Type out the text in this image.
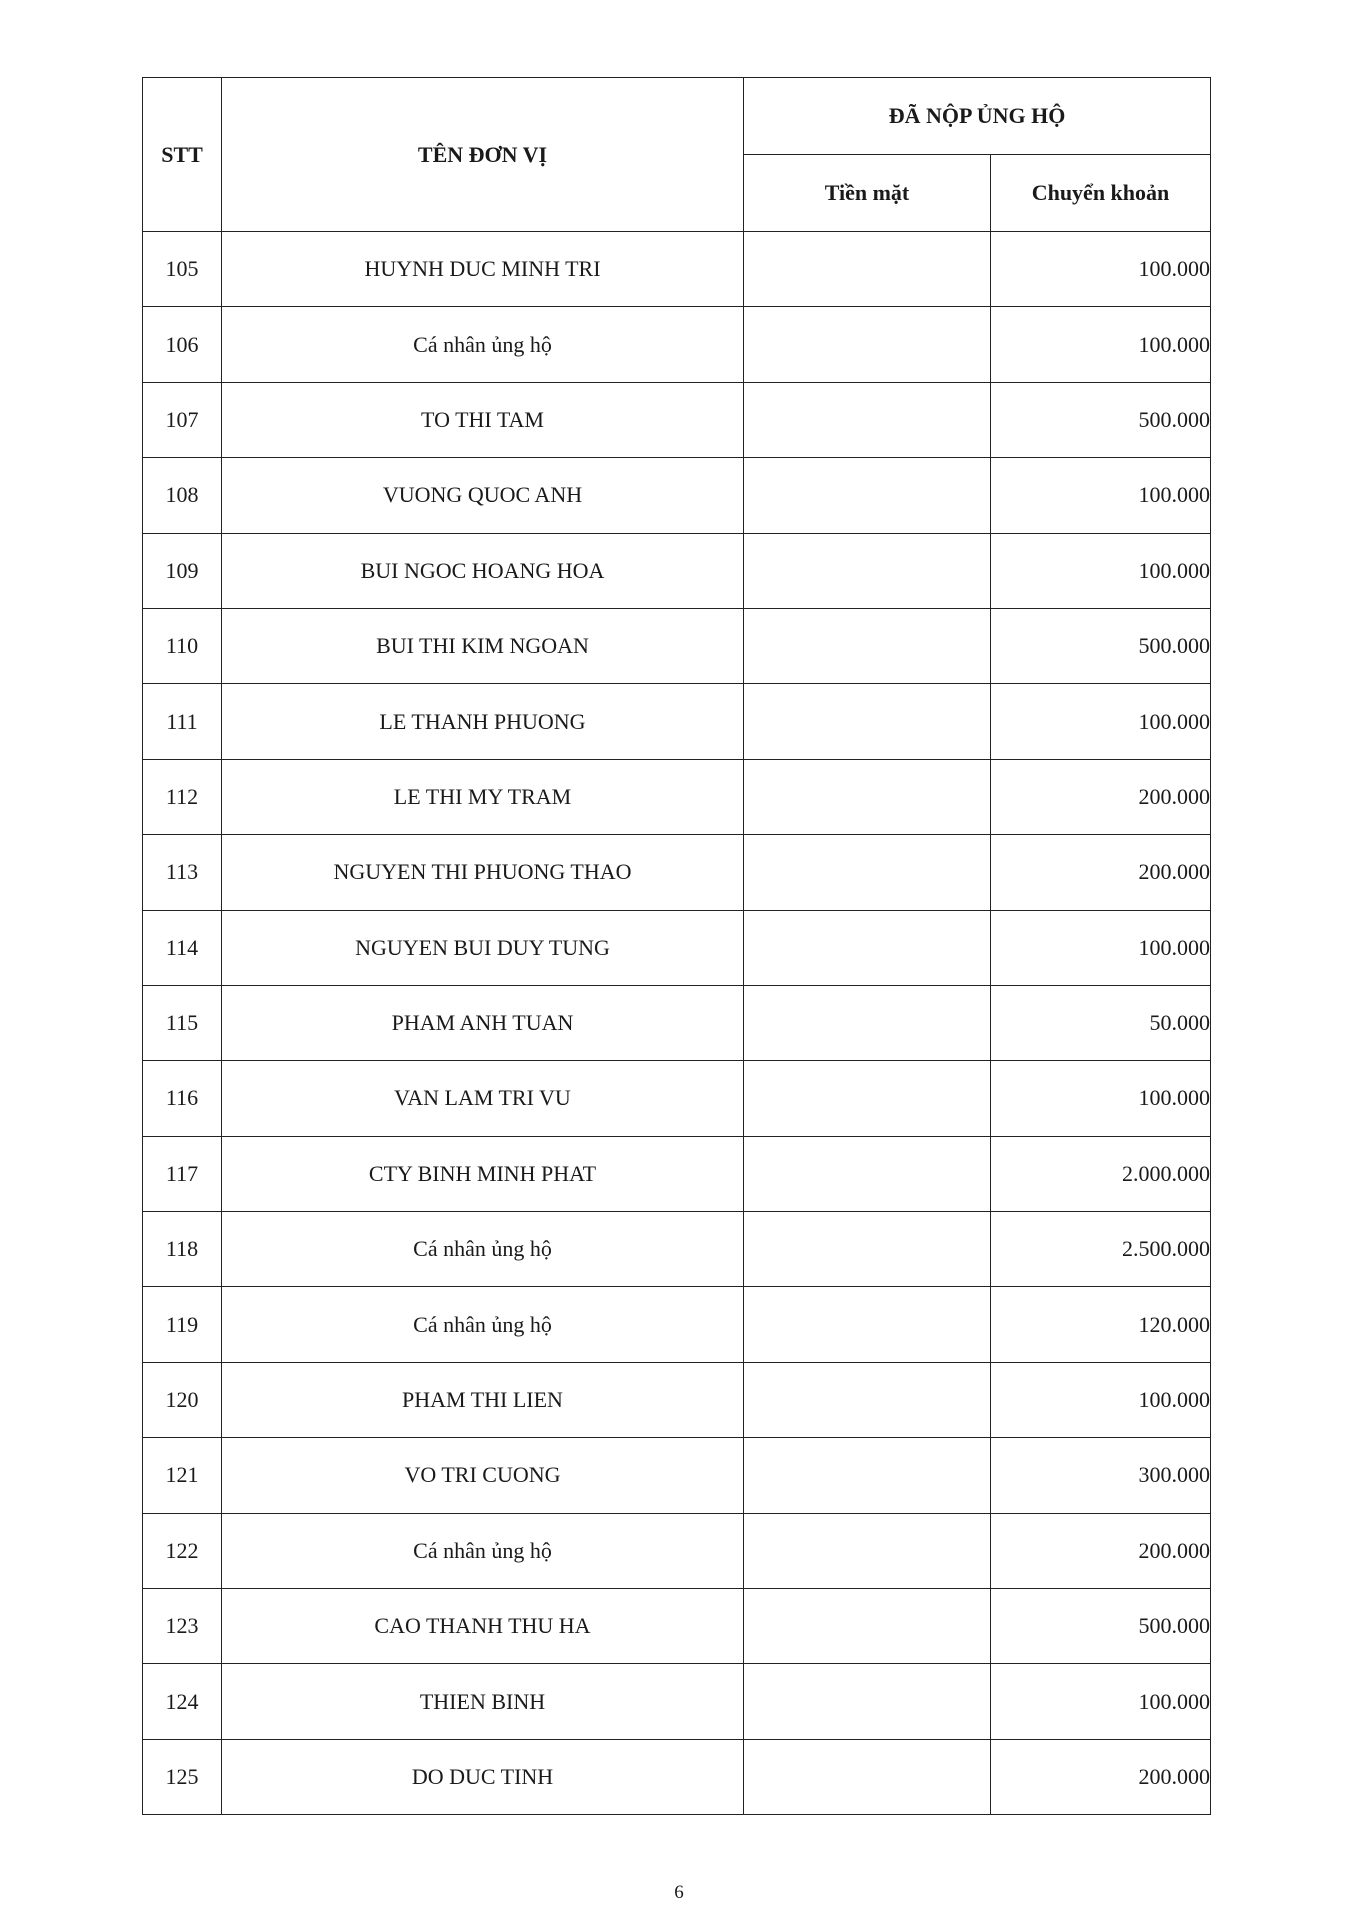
STT	TÊN ĐƠN VỊ	ĐÃ NỘP ỦNG HỘ	
		Tiền mặt	Chuyển khoản
105	HUYNH DUC MINH TRI		100.000
106	Cá nhân ủng hộ		100.000
107	TO THI TAM		500.000
108	VUONG QUOC ANH		100.000
109	BUI NGOC HOANG HOA		100.000
110	BUI THI KIM NGOAN		500.000
111	LE THANH PHUONG		100.000
112	LE THI MY TRAM		200.000
113	NGUYEN THI PHUONG THAO		200.000
114	NGUYEN BUI DUY TUNG		100.000
115	PHAM ANH TUAN		50.000
116	VAN LAM TRI VU		100.000
117	CTY BINH MINH PHAT		2.000.000
118	Cá nhân ủng hộ		2.500.000
119	Cá nhân ủng hộ		120.000
120	PHAM THI LIEN		100.000
121	VO TRI CUONG		300.000
122	Cá nhân ủng hộ		200.000
123	CAO THANH THU HA		500.000
124	THIEN BINH		100.000
125	DO DUC TINH		200.000
6
